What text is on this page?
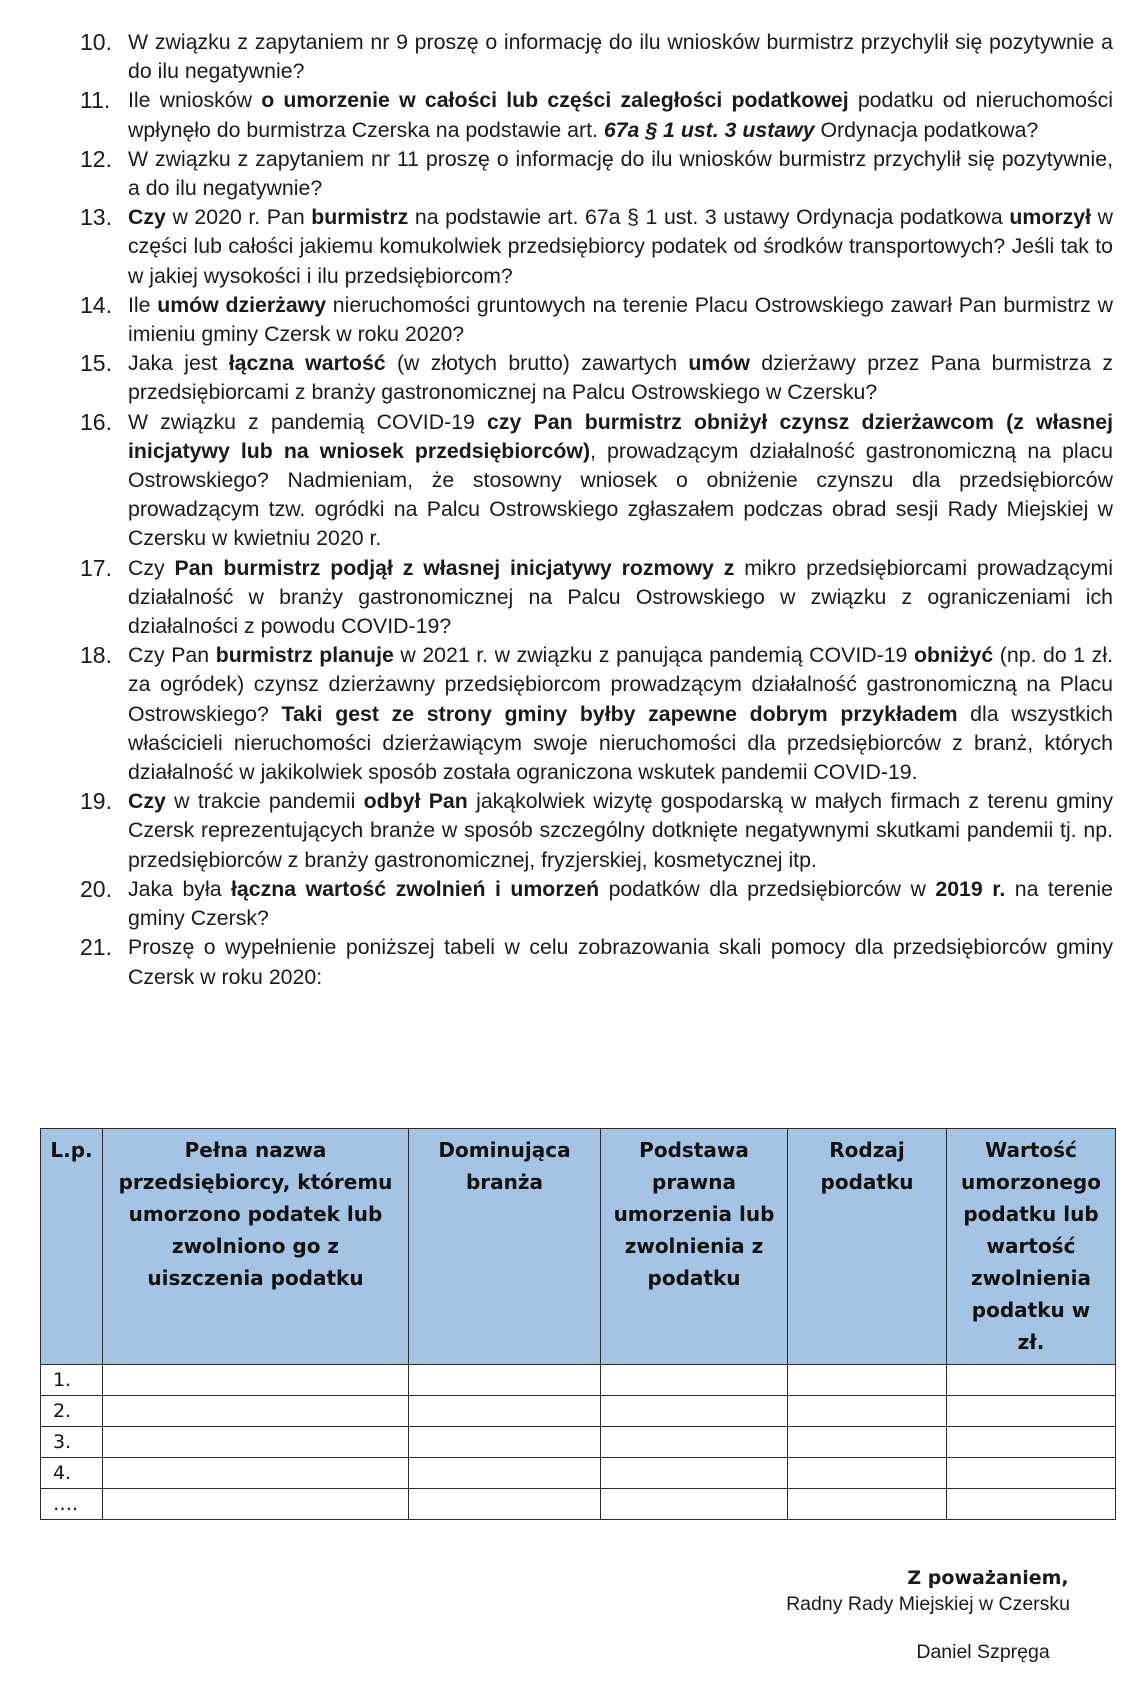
10. W związku z zapytaniem nr 9 proszę o informację do ilu wniosków burmistrz przychylił się pozytywnie a do ilu negatywnie?
11. Ile wniosków o umorzenie w całości lub części zaległości podatkowej podatku od nieruchomości wpłynęło do burmistrza Czerska na podstawie art. 67a § 1 ust. 3 ustawy Ordynacja podatkowa?
12. W związku z zapytaniem nr 11 proszę o informację do ilu wniosków burmistrz przychylił się pozytywnie, a do ilu negatywnie?
13. Czy w 2020 r. Pan burmistrz na podstawie art. 67a § 1 ust. 3 ustawy Ordynacja podatkowa umorzył w części lub całości jakiemu komukolwiek przedsiębiorcy podatek od środków transportowych? Jeśli tak to w jakiej wysokości i ilu przedsiębiorcom?
14. Ile umów dzierżawy nieruchomości gruntowych na terenie Placu Ostrowskiego zawarł Pan burmistrz w imieniu gminy Czersk w roku 2020?
15. Jaka jest łączna wartość (w złotych brutto) zawartych umów dzierżawy przez Pana burmistrza z przedsiębiorcami z branży gastronomicznej na Palcu Ostrowskiego w Czersku?
16. W związku z pandemią COVID-19 czy Pan burmistrz obniżył czynsz dzierżawcom (z własnej inicjatywy lub na wniosek przedsiębiorców), prowadzącym działalność gastronomiczną na placu Ostrowskiego? Nadmieniam, że stosowny wniosek o obniżenie czynszu dla przedsiębiorców prowadzącym tzw. ogródki na Palcu Ostrowskiego zgłaszałem podczas obrad sesji Rady Miejskiej w Czersku w kwietniu 2020 r.
17. Czy Pan burmistrz podjął z własnej inicjatywy rozmowy z mikro przedsiębiorcami prowadzącymi działalność w branży gastronomicznej na Palcu Ostrowskiego w związku z ograniczeniami ich działalności z powodu COVID-19?
18. Czy Pan burmistrz planuje w 2021 r. w związku z panująca pandemią COVID-19 obniżyć (np. do 1 zł. za ogródek) czynsz dzierżawny przedsiębiorcom prowadzącym działalność gastronomiczną na Placu Ostrowskiego? Taki gest ze strony gminy byłby zapewne dobrym przykładem dla wszystkich właścicieli nieruchomości dzierżawiącym swoje nieruchomości dla przedsiębiorców z branż, których działalność w jakikolwiek sposób została ograniczona wskutek pandemii COVID-19.
19. Czy w trakcie pandemii odbył Pan jakąkolwiek wizytę gospodarską w małych firmach z terenu gminy Czersk reprezentujących branże w sposób szczególny dotknięte negatywnymi skutkami pandemii tj. np. przedsiębiorców z branży gastronomicznej, fryzjerskiej, kosmetycznej itp.
20. Jaka była łączna wartość zwolnień i umorzeń podatków dla przedsiębiorców w 2019 r. na terenie gminy Czersk?
21. Proszę o wypełnienie poniższej tabeli w celu zobrazowania skali pomocy dla przedsiębiorców gminy Czersk w roku 2020:
L.p.	Pełna nazwa przedsiębiorcy, któremu umorzono podatek lub zwolniono go z uiszczenia podatku	Dominująca branża	Podstawa prawna umorzenia lub zwolnienia z podatku	Rodzaj podatku	Wartość umorzonego podatku lub wartość zwolnienia podatku w zł.
1.					
2.					
3.					
4.					
….					
Z poważaniem,
Radny Rady Miejskiej w Czersku
Daniel Szpręga
